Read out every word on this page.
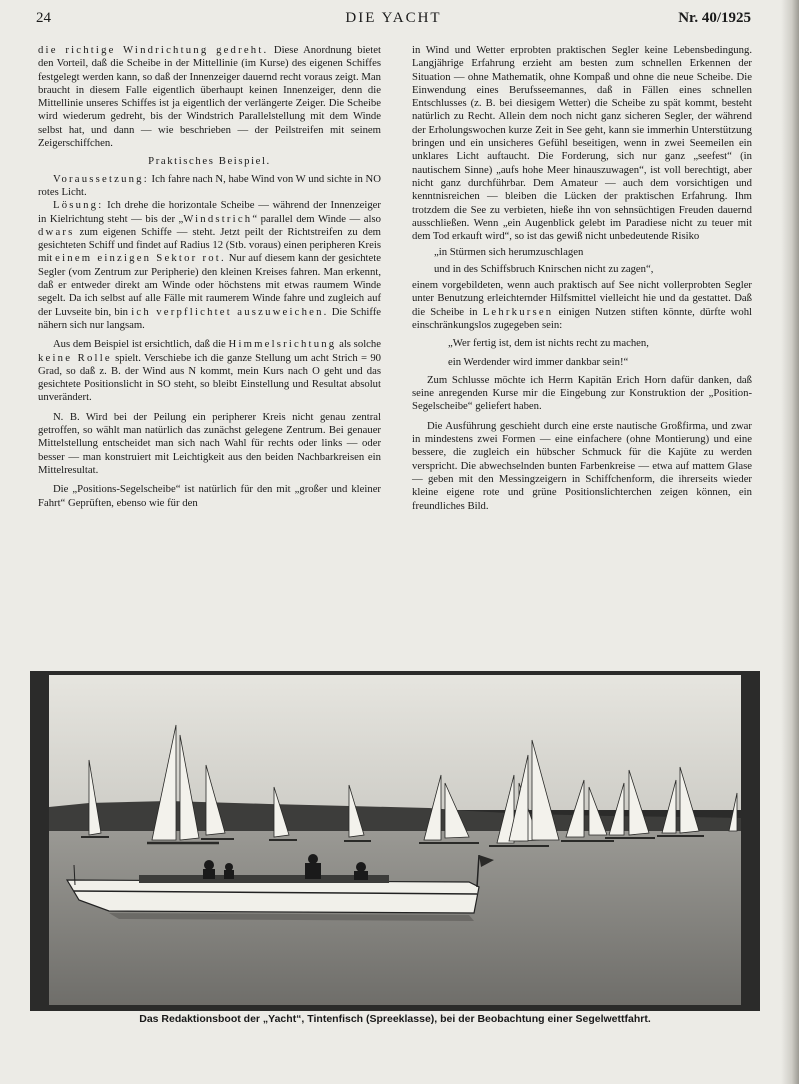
24	DIE YACHT	Nr. 40/1925

die richtige Windrichtung gedreht. Diese Anordnung bietet den Vorteil, daß die Scheibe in der Mittellinie (im Kurse) des eigenen Schiffes festgelegt werden kann, so daß der Innenzeiger dauernd recht voraus zeigt. Man braucht in diesem Falle eigentlich überhaupt keinen Innenzeiger, denn die Mittellinie unseres Schiffes ist ja eigentlich der verlängerte Zeiger. Die Scheibe wird wiederum gedreht, bis der Windstrich Parallelstellung mit dem Winde selbst hat, und dann — wie beschrieben — der Peilstreifen mit seinem Zeigerschiffchen.

Praktisches Beispiel.

Voraussetzung: Ich fahre nach N, habe Wind von W und sichte in NO rotes Licht.

Lösung: Ich drehe die horizontale Scheibe — während der Innenzeiger in Kielrichtung steht — bis der „Windstrich“ parallel dem Winde — also dwars zum eigenen Schiffe — steht. Jetzt peilt der Richtstreifen zu dem gesichteten Schiff und findet auf Radius 12 (Stb. voraus) einen peripheren Kreis mit einem einzigen Sektor rot. Nur auf diesem kann der gesichtete Segler (vom Zentrum zur Peripherie) den kleinen Kreises fahren. Man erkennt, daß er entweder direkt am Winde oder höchstens mit etwas raumem Winde segelt. Da ich selbst auf alle Fälle mit raumerem Winde fahre und zugleich auf der Luvseite bin, bin ich verpflichtet auszuweichen. Die Schiffe nähern sich nur langsam.

Aus dem Beispiel ist ersichtlich, daß die Himmelsrichtung als solche keine Rolle spielt. Verschiebe ich die ganze Stellung um acht Strich = 90 Grad, so daß z. B. der Wind aus N kommt, mein Kurs nach O geht und das gesichtete Positionslicht in SO steht, so bleibt Einstellung und Resultat absolut unverändert.

N. B. Wird bei der Peilung ein peripherer Kreis nicht genau zentral getroffen, so wählt man natürlich das zunächst gelegene Zentrum. Bei genauer Mittelstellung entscheidet man sich nach Wahl für rechts oder links — oder besser — man konstruiert mit Leichtigkeit aus den beiden Nachbarkreisen ein Mittelresultat.

Die „Positions-Segelscheibe“ ist natürlich für den mit „großer und kleiner Fahrt“ Geprüften, ebenso wie für den

in Wind und Wetter erprobten praktischen Segler keine Lebensbedingung. Langjährige Erfahrung erzieht am besten zum schnellen Erkennen der Situation — ohne Mathematik, ohne Kompaß und ohne die neue Scheibe. Die Einwendung eines Berufsseemannes, daß in Fällen eines schnellen Entschlusses (z. B. bei diesigem Wetter) die Scheibe zu spät kommt, besteht natürlich zu Recht. Allein dem noch nicht ganz sicheren Segler, der während der Erholungswochen kurze Zeit in See geht, kann sie immerhin Unterstützung bringen und ein unsicheres Gefühl beseitigen, wenn in zwei Seemeilen ein unklares Licht auftaucht. Die Forderung, sich nur ganz „seefest“ (in nautischem Sinne) „aufs hohe Meer hinauszuwagen“, ist voll berechtigt, aber nicht ganz durchführbar. Dem Amateur — auch dem vorsichtigen und kenntnisreichen — bleiben die Lücken der praktischen Erfahrung. Ihm trotzdem die See zu verbieten, hieße ihn von sehnsüchtigen Freuden dauernd ausschließen. Wenn „ein Augenblick gelebt im Paradiese nicht zu teuer mit dem Tod erkauft wird“, so ist das gewiß nicht unbedeutende Risiko

„in Stürmen sich herumzuschlagen

und in des Schiffsbruch Knirschen nicht zu zagen“,

einem vorgebildeten, wenn auch praktisch auf See nicht vollerprobten Segler unter Benutzung erleichternder Hilfsmittel vielleicht hie und da gestattet. Daß die Scheibe in Lehrkursen einigen Nutzen stiften könnte, dürfte wohl einschränkungslos zugegeben sein:

„Wer fertig ist, dem ist nichts recht zu machen,

ein Werdender wird immer dankbar sein!“

Zum Schlusse möchte ich Herrn Kapitän Erich Horn dafür danken, daß seine anregenden Kurse mir die Eingebung zur Konstruktion der „Position-Segelscheibe“ geliefert haben.

Die Ausführung geschieht durch eine erste nautische Großfirma, und zwar in mindestens zwei Formen — eine einfachere (ohne Montierung) und eine bessere, die zugleich ein hübscher Schmuck für die Kajüte zu werden verspricht. Die abwechselnden bunten Farbenkreise — etwa auf mattem Glase — geben mit den Messingzeigern in Schiffchenform, die ihrerseits wieder kleine eigene rote und grüne Positionslichterchen zeigen können, ein freundliches Bild.

Das Redaktionsboot der „Yacht“, Tintenfisch (Spreeklasse), bei der Beobachtung einer Segelwettfahrt.
